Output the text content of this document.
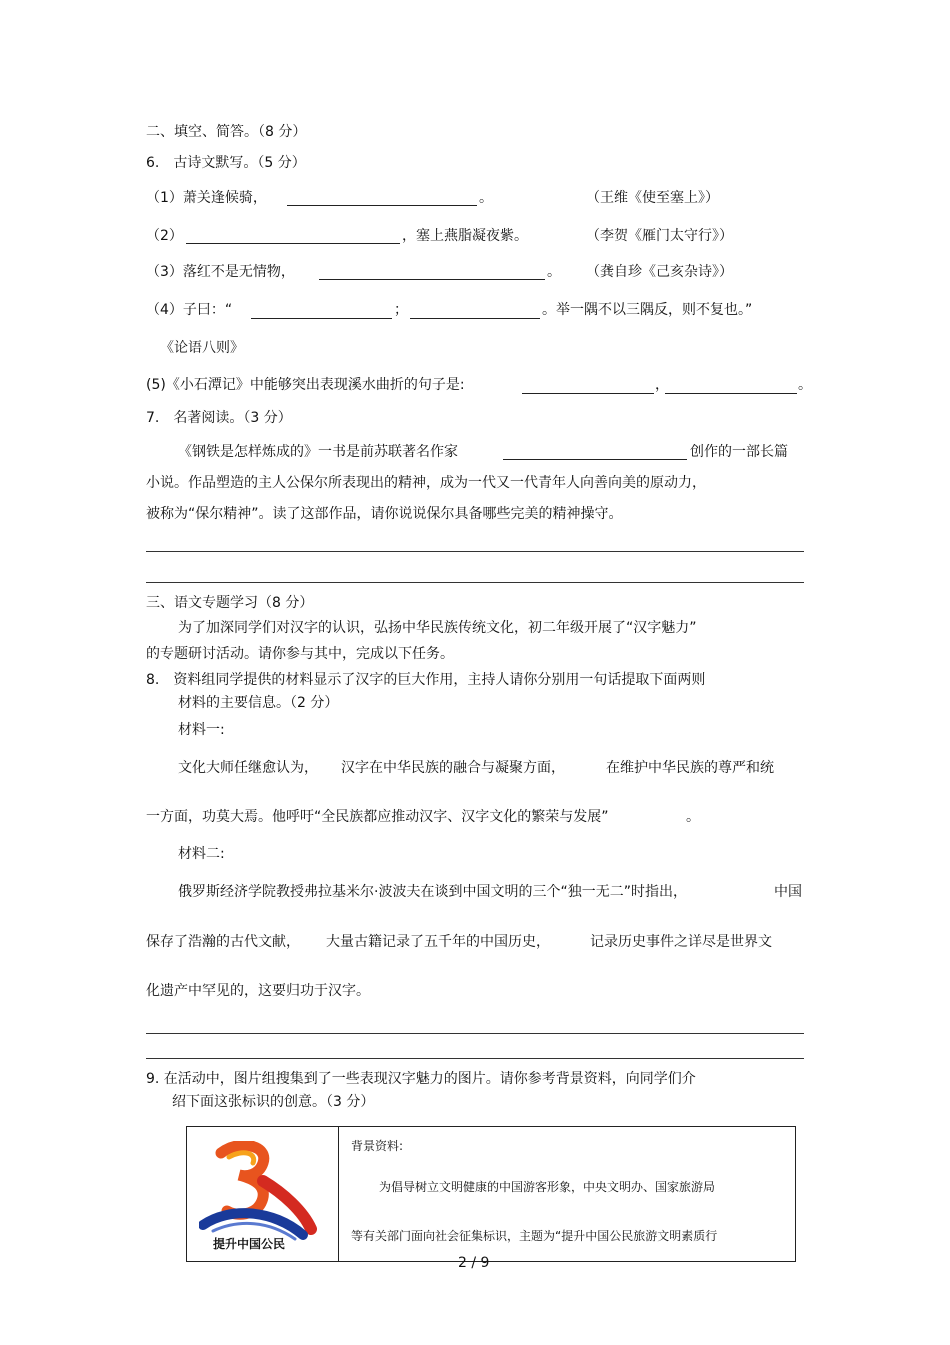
二、填空、简答。（8 分）
6.　古诗文默写。（5 分）
（1）萧关逢候骑，	。	（王维《使至塞上》）
（2）	，塞上燕脂凝夜紫。	（李贺《雁门太守行》）
（3）落红不是无情物，	。 （龚自珍《己亥杂诗》）
（4）子曰：“	；	。举一隅不以三隅反，则不复也。”
《论语八则》
(5)《小石潭记》中能够突出表现溪水曲折的句子是:	，	。
7.　名著阅读。（3 分）
《钢铁是怎样炼成的》一书是前苏联著名作家	创作的一部长篇
小说。作品塑造的主人公保尔所表现出的精神，成为一代又一代青年人向善向美的原动力，
被称为“保尔精神”。读了这部作品，请你说说保尔具备哪些完美的精神操守。
三、语文专题学习（8 分）
为了加深同学们对汉字的认识，弘扬中华民族传统文化，初二年级开展了“汉字魅力”
的专题研讨活动。请你参与其中，完成以下任务。
8.　资料组同学提供的材料显示了汉字的巨大作用，主持人请你分别用一句话提取下面两则
材料的主要信息。（2 分）
材料一:
文化大师任继愈认为， 汉字在中华民族的融合与凝聚方面，	在维护中华民族的尊严和统
一方面，功莫大焉。他呼吁“全民族都应推动汉字、汉字文化的繁荣与发展”	。
材料二:
俄罗斯经济学院教授弗拉基米尔·波波夫在谈到中国文明的三个“独一无二”时指出，	中国
保存了浩瀚的古代文献， 大量古籍记录了五千年的中国历史，	记录历史事件之详尽是世界文
化遗产中罕见的，这要归功于汉字。
9. 在活动中，图片组搜集到了一些表现汉字魅力的图片。请你参考背景资料，向同学们介
绍下面这张标识的创意。（3 分）
提升中国公民
背景资料:
为倡导树立文明健康的中国游客形象，中央文明办、国家旅游局
等有关部门面向社会征集标识，主题为“提升中国公民旅游文明素质行
2 / 9
